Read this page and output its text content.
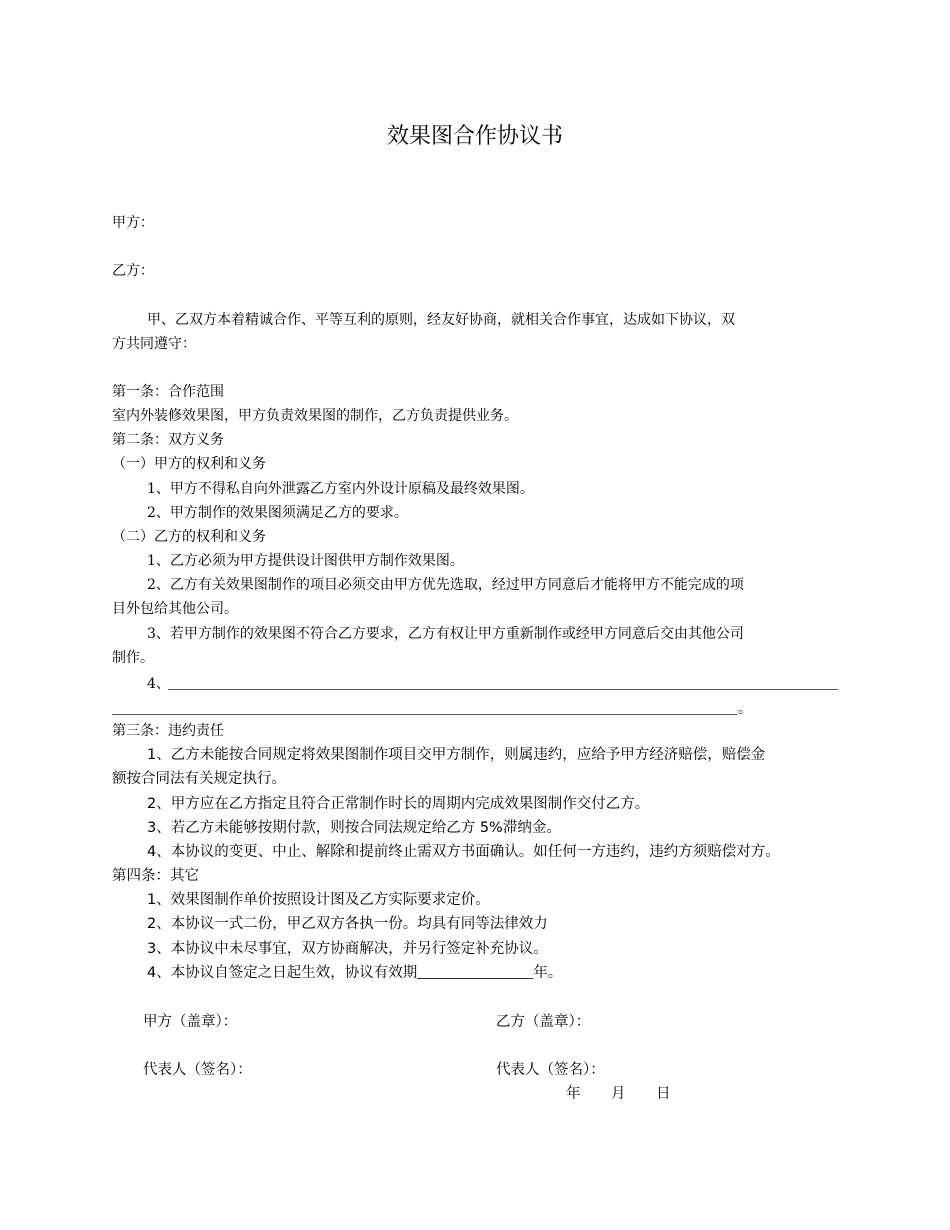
效果图合作协议书
甲方：
乙方：
甲、乙双方本着精诚合作、平等互利的原则，经友好协商，就相关合作事宜，达成如下协议，双
方共同遵守：
第一条：合作范围
室内外装修效果图，甲方负责效果图的制作，乙方负责提供业务。
第二条：双方义务
（一）甲方的权利和义务
1、甲方不得私自向外泄露乙方室内外设计原稿及最终效果图。
2、甲方制作的效果图须满足乙方的要求。
（二）乙方的权利和义务
1、乙方必须为甲方提供设计图供甲方制作效果图。
2、乙方有关效果图制作的项目必须交由甲方优先选取，经过甲方同意后才能将甲方不能完成的项
目外包给其他公司。
3、若甲方制作的效果图不符合乙方要求，乙方有权让甲方重新制作或经甲方同意后交由其他公司
制作。
4、
。
第三条：违约责任
1、乙方未能按合同规定将效果图制作项目交甲方制作，则属违约，应给予甲方经济赔偿，赔偿金
额按合同法有关规定执行。
2、甲方应在乙方指定且符合正常制作时长的周期内完成效果图制作交付乙方。
3、若乙方未能够按期付款，则按合同法规定给乙方 5%滞纳金。
4、本协议的变更、中止、解除和提前终止需双方书面确认。如任何一方违约，违约方须赔偿对方。
第四条：其它
1、效果图制作单价按照设计图及乙方实际要求定价。
2、本协议一式二份，甲乙双方各执一份。均具有同等法律效力
3、本协议中未尽事宜，双方协商解决，并另行签定补充协议。
4、本协议自签定之日起生效，协议有效期	年。
甲方（盖章）：	乙方（盖章）：
代表人（签名）：	代表人（签名）：
年 月 日
